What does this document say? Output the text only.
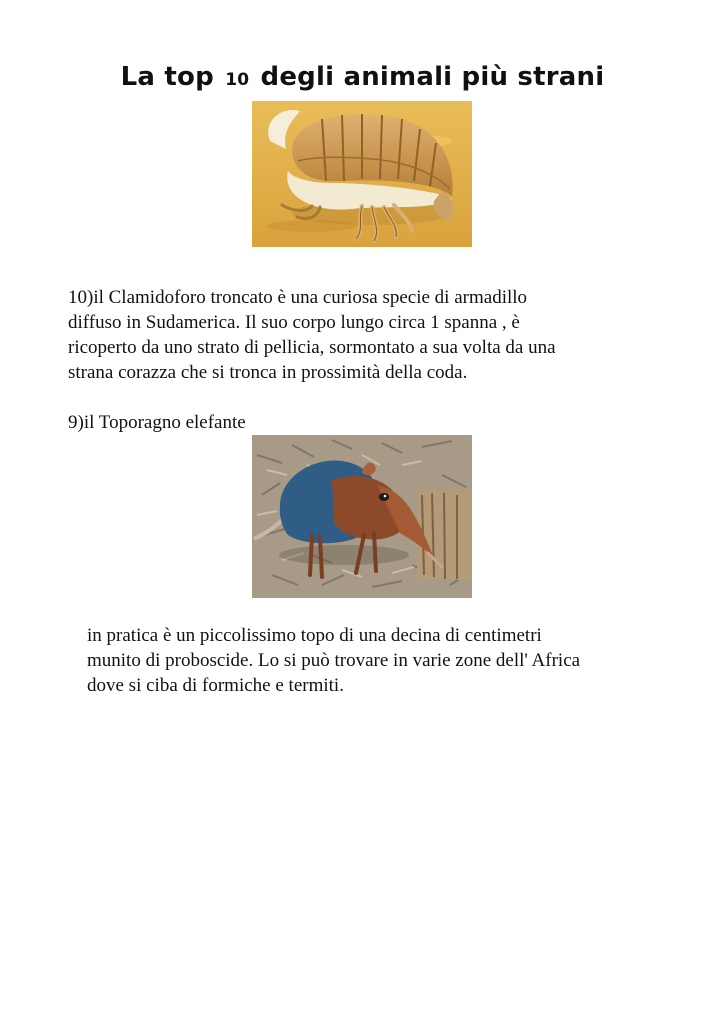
La top 10 degli animali più strani

10)il Clamidoforo troncato è una curiosa specie di armadillo
diffuso in Sudamerica. Il suo corpo lungo circa 1 spanna , è
ricoperto da uno strato di pellicia, sormontato a sua volta da una
strana corazza che si tronca in prossimità della coda.

9)il Toporagno elefante

in pratica è un piccolissimo topo di una decina di centimetri
munito di proboscide. Lo si può trovare in varie zone dell' Africa
dove si ciba di formiche e termiti.
